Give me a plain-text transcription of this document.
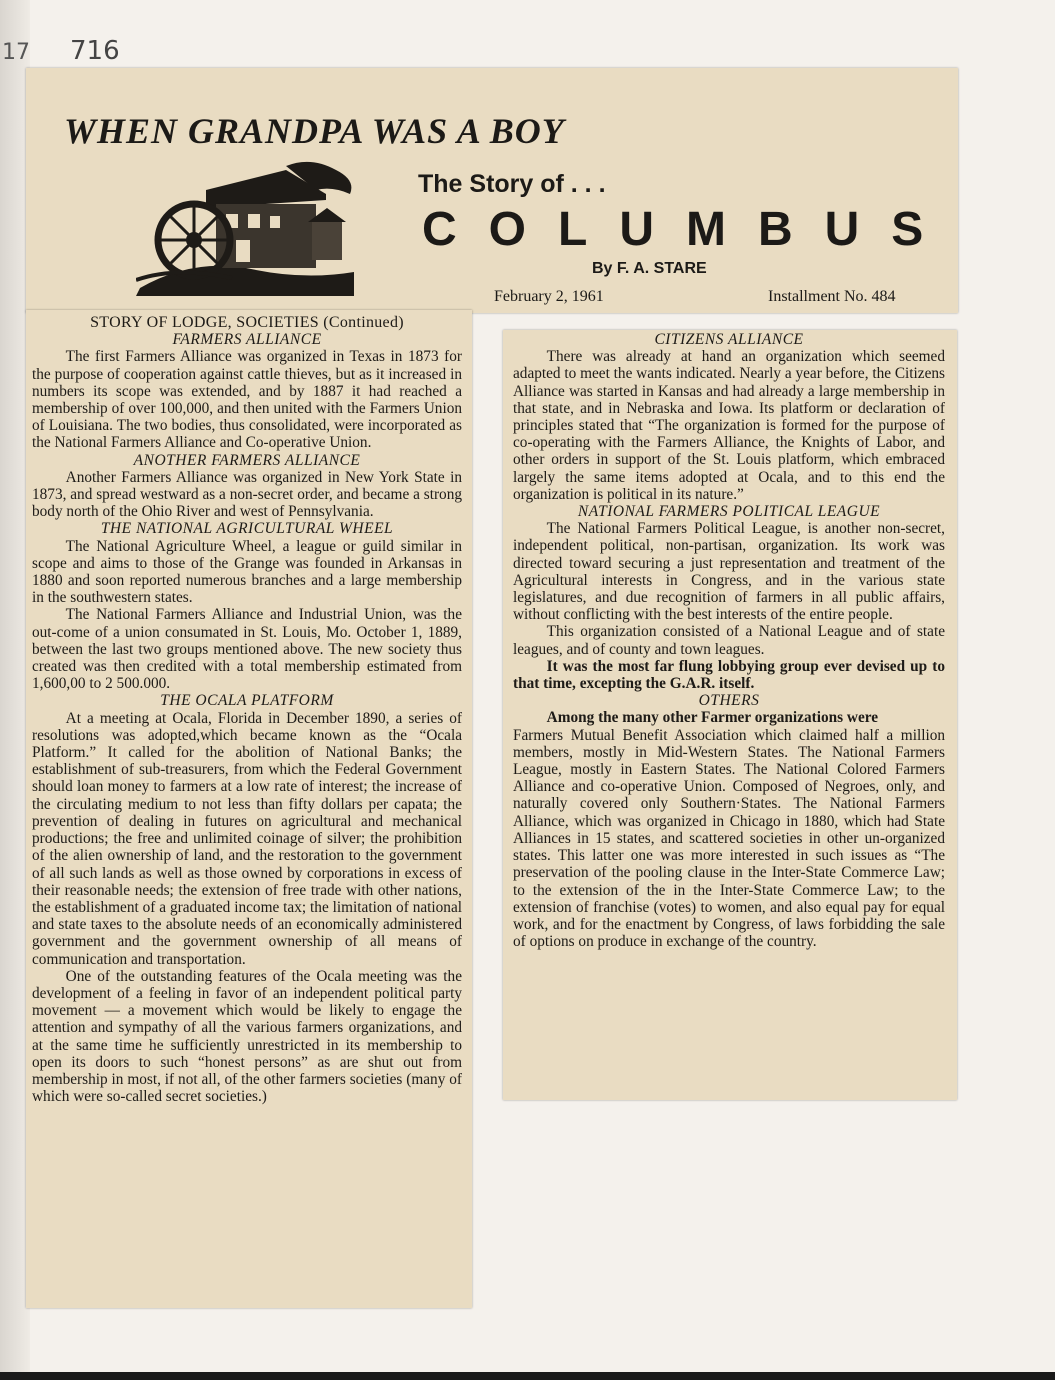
17 716
WHEN GRANDPA WAS A BOY
The Story of . . .
COLUMBUS
By F. A. STARE
February 2, 1961	Installment No. 484
STORY OF LODGE, SOCIETIES (Continued)
FARMERS ALLIANCE

The first Farmers Alliance was organized in Texas in 1873 for the purpose of cooperation against cattle thieves, but as it increased in numbers its scope was extended, and by 1887 it had reached a membership of over 100,000, and then united with the Farmers Union of Louisiana. The two bodies, thus consolidated, were incorporated as the National Farmers Alliance and Co-operative Union.

ANOTHER FARMERS ALLIANCE

Another Farmers Alliance was organized in New York State in 1873, and spread westward as a non-secret order, and became a strong body north of the Ohio River and west of Pennsylvania.

THE NATIONAL AGRICULTURAL WHEEL

The National Agriculture Wheel, a league or guild similar in scope and aims to those of the Grange was founded in Arkansas in 1880 and soon reported numerous branches and a large membership in the southwestern states.

The National Farmers Alliance and Industrial Union, was the out-come of a union consumated in St. Louis, Mo. October 1, 1889, between the last two groups mentioned above. The new society thus created was then credited with a total membership estimated from 1,600,00 to 2 500.000.

THE OCALA PLATFORM

At a meeting at Ocala, Florida in December 1890, a series of resolutions was adopted,which became known as the “Ocala Platform.” It called for the abolition of National Banks; the establishment of sub-treasurers, from which the Federal Government should loan money to farmers at a low rate of interest; the increase of the circulating medium to not less than fifty dollars per capata; the prevention of dealing in futures on agricultural and mechanical productions; the free and unlimited coinage of silver; the prohibition of the alien ownership of land, and the restoration to the government of all such lands as well as those owned by corporations in excess of their reasonable needs; the extension of free trade with other nations, the establishment of a graduated income tax; the limitation of national and state taxes to the absolute needs of an economically administered government and the government ownership of all means of communication and transportation.

One of the outstanding features of the Ocala meeting was the development of a feeling in favor of an independent political party movement — a movement which would be likely to engage the attention and sympathy of all the various farmers organizations, and at the same time he sufficiently unrestricted in its membership to open its doors to such “honest persons” as are shut out from membership in most, if not all, of the other farmers societies (many of which were so-called secret societies.)

CITIZENS ALLIANCE

There was already at hand an organization which seemed adapted to meet the wants indicated. Nearly a year before, the Citizens Alliance was started in Kansas and had already a large membership in that state, and in Nebraska and Iowa. Its platform or declaration of principles stated that “The organization is formed for the purpose of co-operating with the Farmers Alliance, the Knights of Labor, and other orders in support of the St. Louis platform, which embraced largely the same items adopted at Ocala, and to this end the organization is political in its nature.”

NATIONAL FARMERS POLITICAL LEAGUE

The National Farmers Political League, is another non-secret, independent political, non-partisan, organization. Its work was directed toward securing a just representation and treatment of the Agricultural interests in Congress, and in the various state legislatures, and due recognition of farmers in all public affairs, without conflicting with the best interests of the entire people.

This organization consisted of a National League and of state leagues, and of county and town leagues.

It was the most far flung lobbying group ever devised up to that time, excepting the G.A.R. itself.

OTHERS

Among the many other Farmer organizations were

Farmers Mutual Benefit Association which claimed half a million members, mostly in Mid-Western States. The National Farmers League, mostly in Eastern States. The National Colored Farmers Alliance and co-operative Union. Composed of Negroes, only, and naturally covered only Southern·States. The National Farmers Alliance, which was organized in Chicago in 1880, which had State Alliances in 15 states, and scattered societies in other un-organized states. This latter one was more interested in such issues as “The preservation of the pooling clause in the Inter-State Commerce Law; to the extension of the in the Inter-State Commerce Law; to the extension of franchise (votes) to women, and also equal pay for equal work, and for the enactment by Congress, of laws forbidding the sale of options on produce in exchange of the country.
